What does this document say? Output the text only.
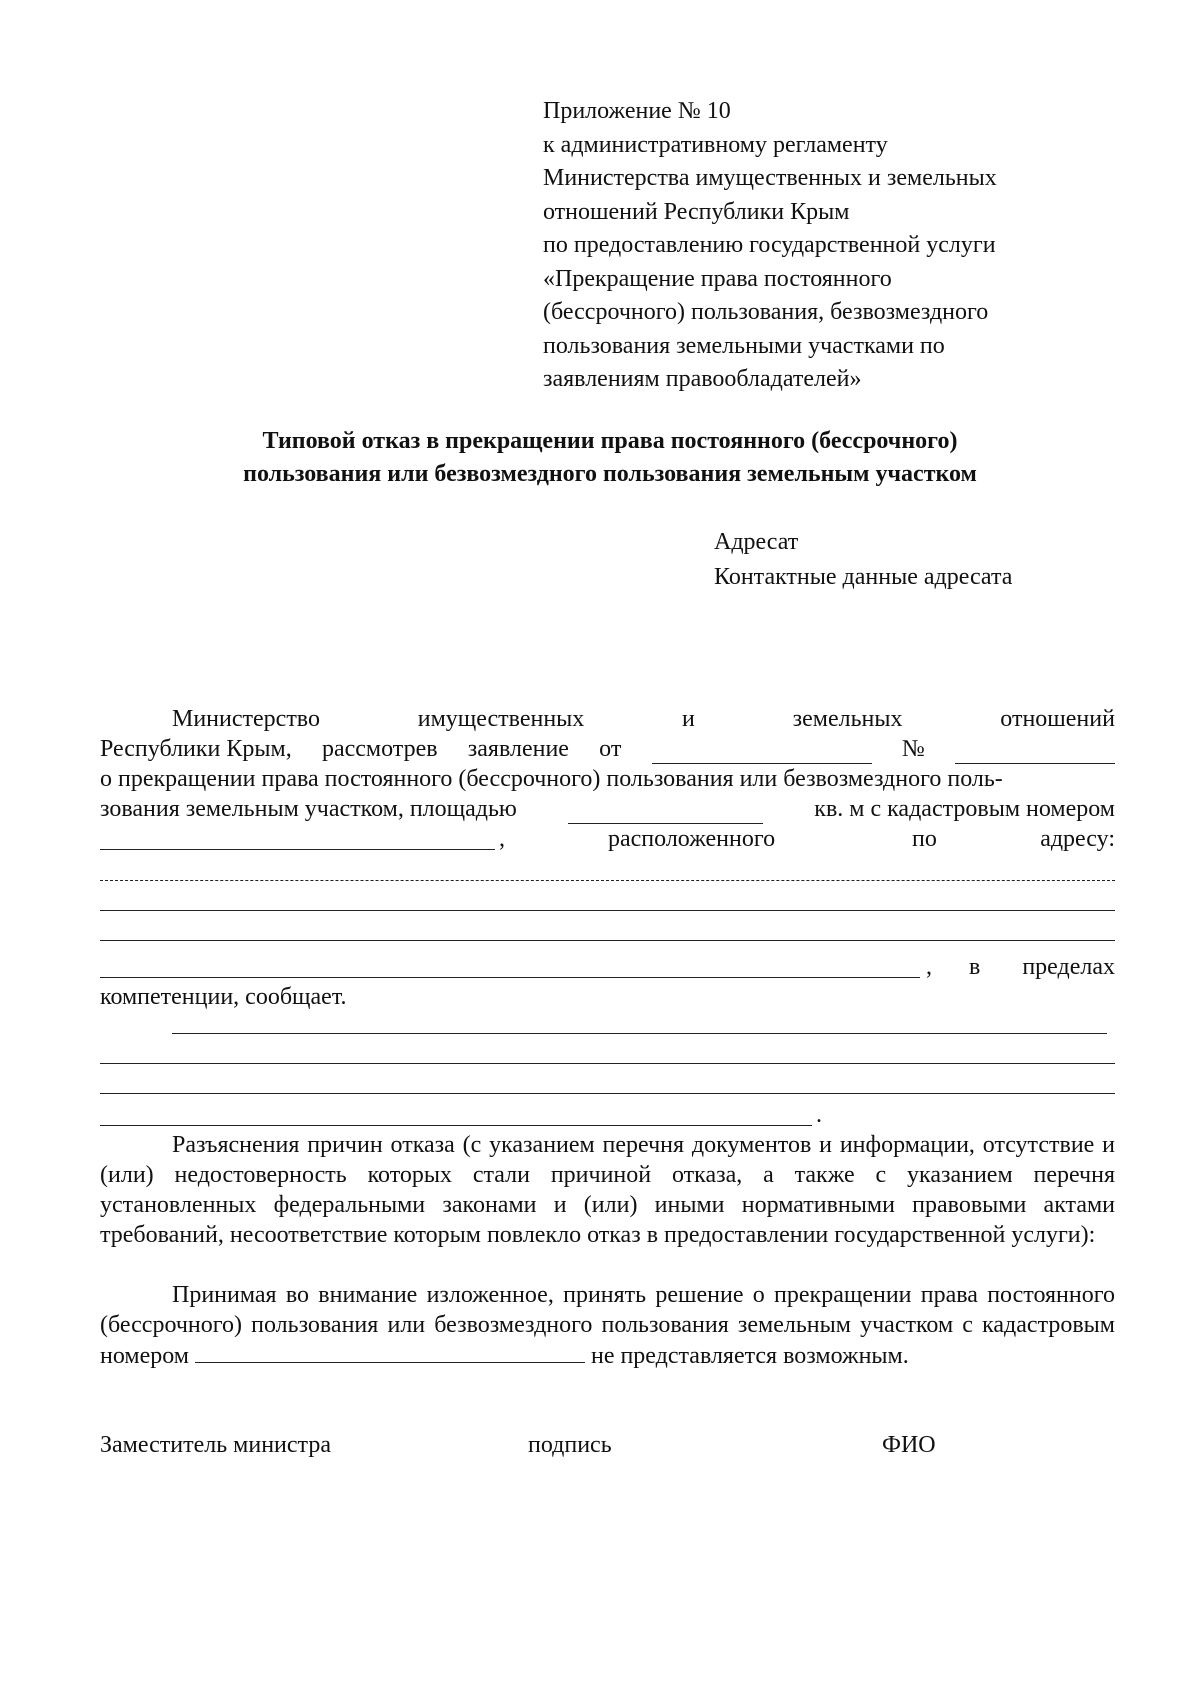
Приложение № 10
к административному регламенту
Министерства имущественных и земельных
отношений Республики Крым
по предоставлению государственной услуги
«Прекращение права постоянного
(бессрочного) пользования, безвозмездного
пользования земельными участками по
заявлениям правообладателей»
Типовой отказ в прекращении права постоянного (бессрочного)
пользования или безвозмездного пользования земельным участком
Адресат
Контактные данные адресата
Министерство	имущественных	и	земельных	отношений
Республики Крым, рассмотрев заявление от	№
о прекращении права постоянного (бессрочного) пользования или безвозмездного поль-
зования земельным участком, площадью	кв. м с кадастровым номером
,	расположенного	по	адресу:
, в пределах
компетенции, сообщает.
.
Разъяснения причин отказа (с указанием перечня документов и информации, отсутствие и (или) недостоверность которых стали причиной отказа, а также с указанием перечня установленных федеральными законами и (или) иными нормативными правовыми актами требований, несоответствие которым повлекло отказ в предоставлении государственной услуги):
Принимая во внимание изложенное, принять решение о прекращении права постоянного (бессрочного) пользования или безвозмездного пользования земельным участком с кадастровым номером	не представляется возможным.
Заместитель министра	подпись	ФИО
